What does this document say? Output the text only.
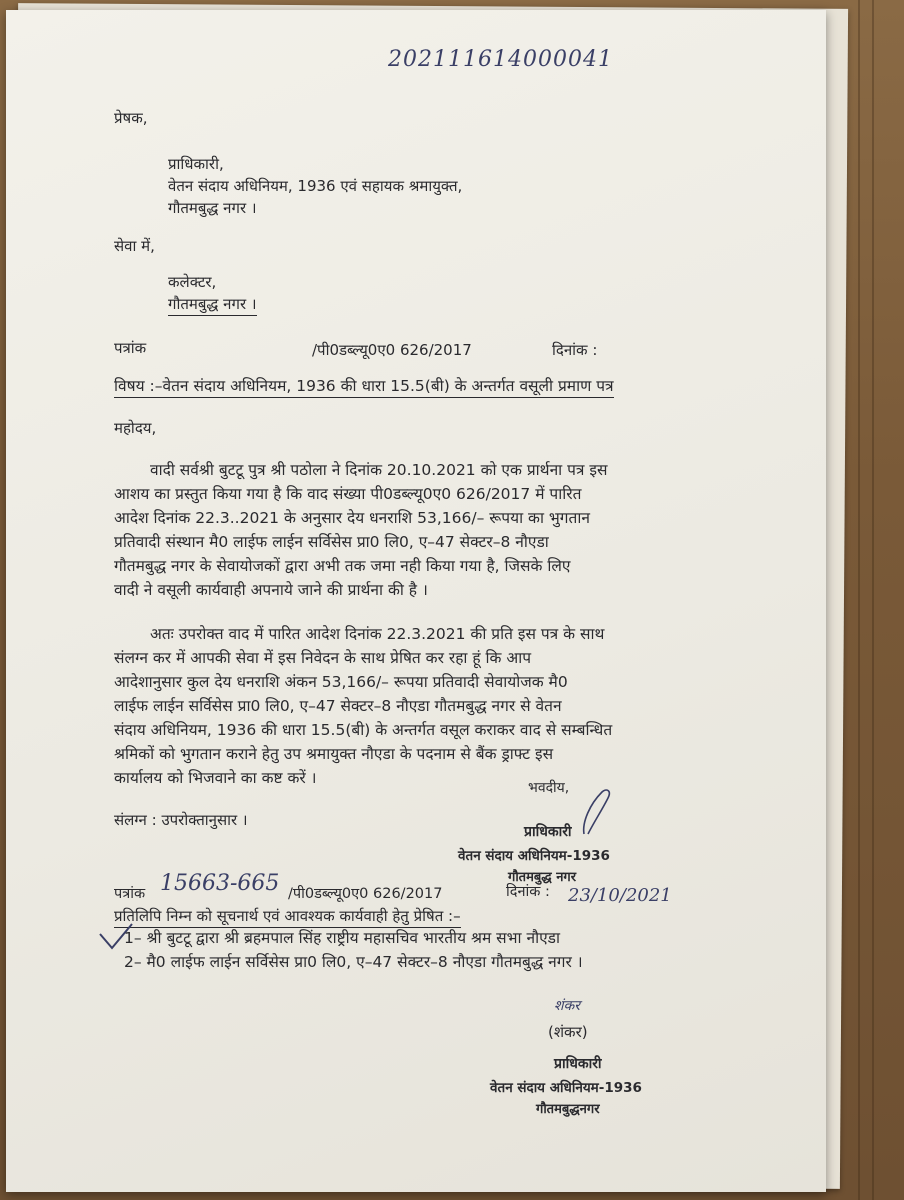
202111614000041
प्रेषक,
प्राधिकारी,
वेतन संदाय अधिनियम, 1936 एवं सहायक श्रमायुक्त,
गौतमबुद्ध नगर ।
सेवा में,
कलेक्टर,
गौतमबुद्ध नगर ।
पत्रांक	/पी0डब्ल्यू0ए0 626/2017	दिनांक :
विषय :–वेतन संदाय अधिनियम, 1936 की धारा 15.5(बी) के अन्तर्गत वसूली प्रमाण पत्र
महोदय,
वादी सर्वश्री बुटटू पुत्र श्री पठोला ने दिनांक 20.10.2021 को एक प्रार्थना पत्र इस
आशय का प्रस्तुत किया गया है कि वाद संख्या पी0डब्ल्यू0ए0 626/2017 में पारित
आदेश दिनांक 22.3..2021 के अनुसार देय धनराशि 53,166/– रूपया का भुगतान
प्रतिवादी संस्थान मै0 लाईफ लाईन सर्विसेस प्रा0 लि0, ए–47 सेक्टर–8 नौएडा
गौतमबुद्ध नगर के सेवायोजकों द्वारा अभी तक जमा नही किया गया है, जिसके लिए
वादी ने वसूली कार्यवाही अपनाये जाने की प्रार्थना की है ।
अतः उपरोक्त वाद में पारित आदेश दिनांक 22.3.2021 की प्रति इस पत्र के साथ
संलग्न कर में आपकी सेवा में इस निवेदन के साथ प्रेषित कर रहा हूं कि आप
आदेशानुसार कुल देय धनराशि अंकन 53,166/– रूपया प्रतिवादी सेवायोजक मै0
लाईफ लाईन सर्विसेस प्रा0 लि0, ए–47 सेक्टर–8 नौएडा गौतमबुद्ध नगर से वेतन
संदाय अधिनियम, 1936 की धारा 15.5(बी) के अन्तर्गत वसूल कराकर वाद से सम्बन्धित
श्रमिकों को भुगतान कराने हेतु उप श्रमायुक्त नौएडा के पदनाम से बैंक ड्राफ्ट इस
कार्यालय को भिजवाने का कष्ट करें ।
संलग्न : उपरोक्तानुसार ।
भवदीय,
प्राधिकारी
वेतन संदाय अधिनियम-1936
गौतमबुद्ध नगर
पत्रांक 15663-665 /पी0डब्ल्यू0ए0 626/2017	दिनांक : 23/10/2021
प्रतिलिपि निम्न को सूचनार्थ एवं आवश्यक कार्यवाही हेतु प्रेषित :–
1– श्री बुटटू द्वारा श्री ब्रहमपाल सिंह राष्ट्रीय महासचिव भारतीय श्रम सभा नौएडा
2– मै0 लाईफ लाईन सर्विसेस प्रा0 लि0, ए–47 सेक्टर–8 नौएडा गौतमबुद्ध नगर ।
शंकर
(शंकर)
प्राधिकारी
वेतन संदाय अधिनियम-1936
गौतमबुद्धनगर
